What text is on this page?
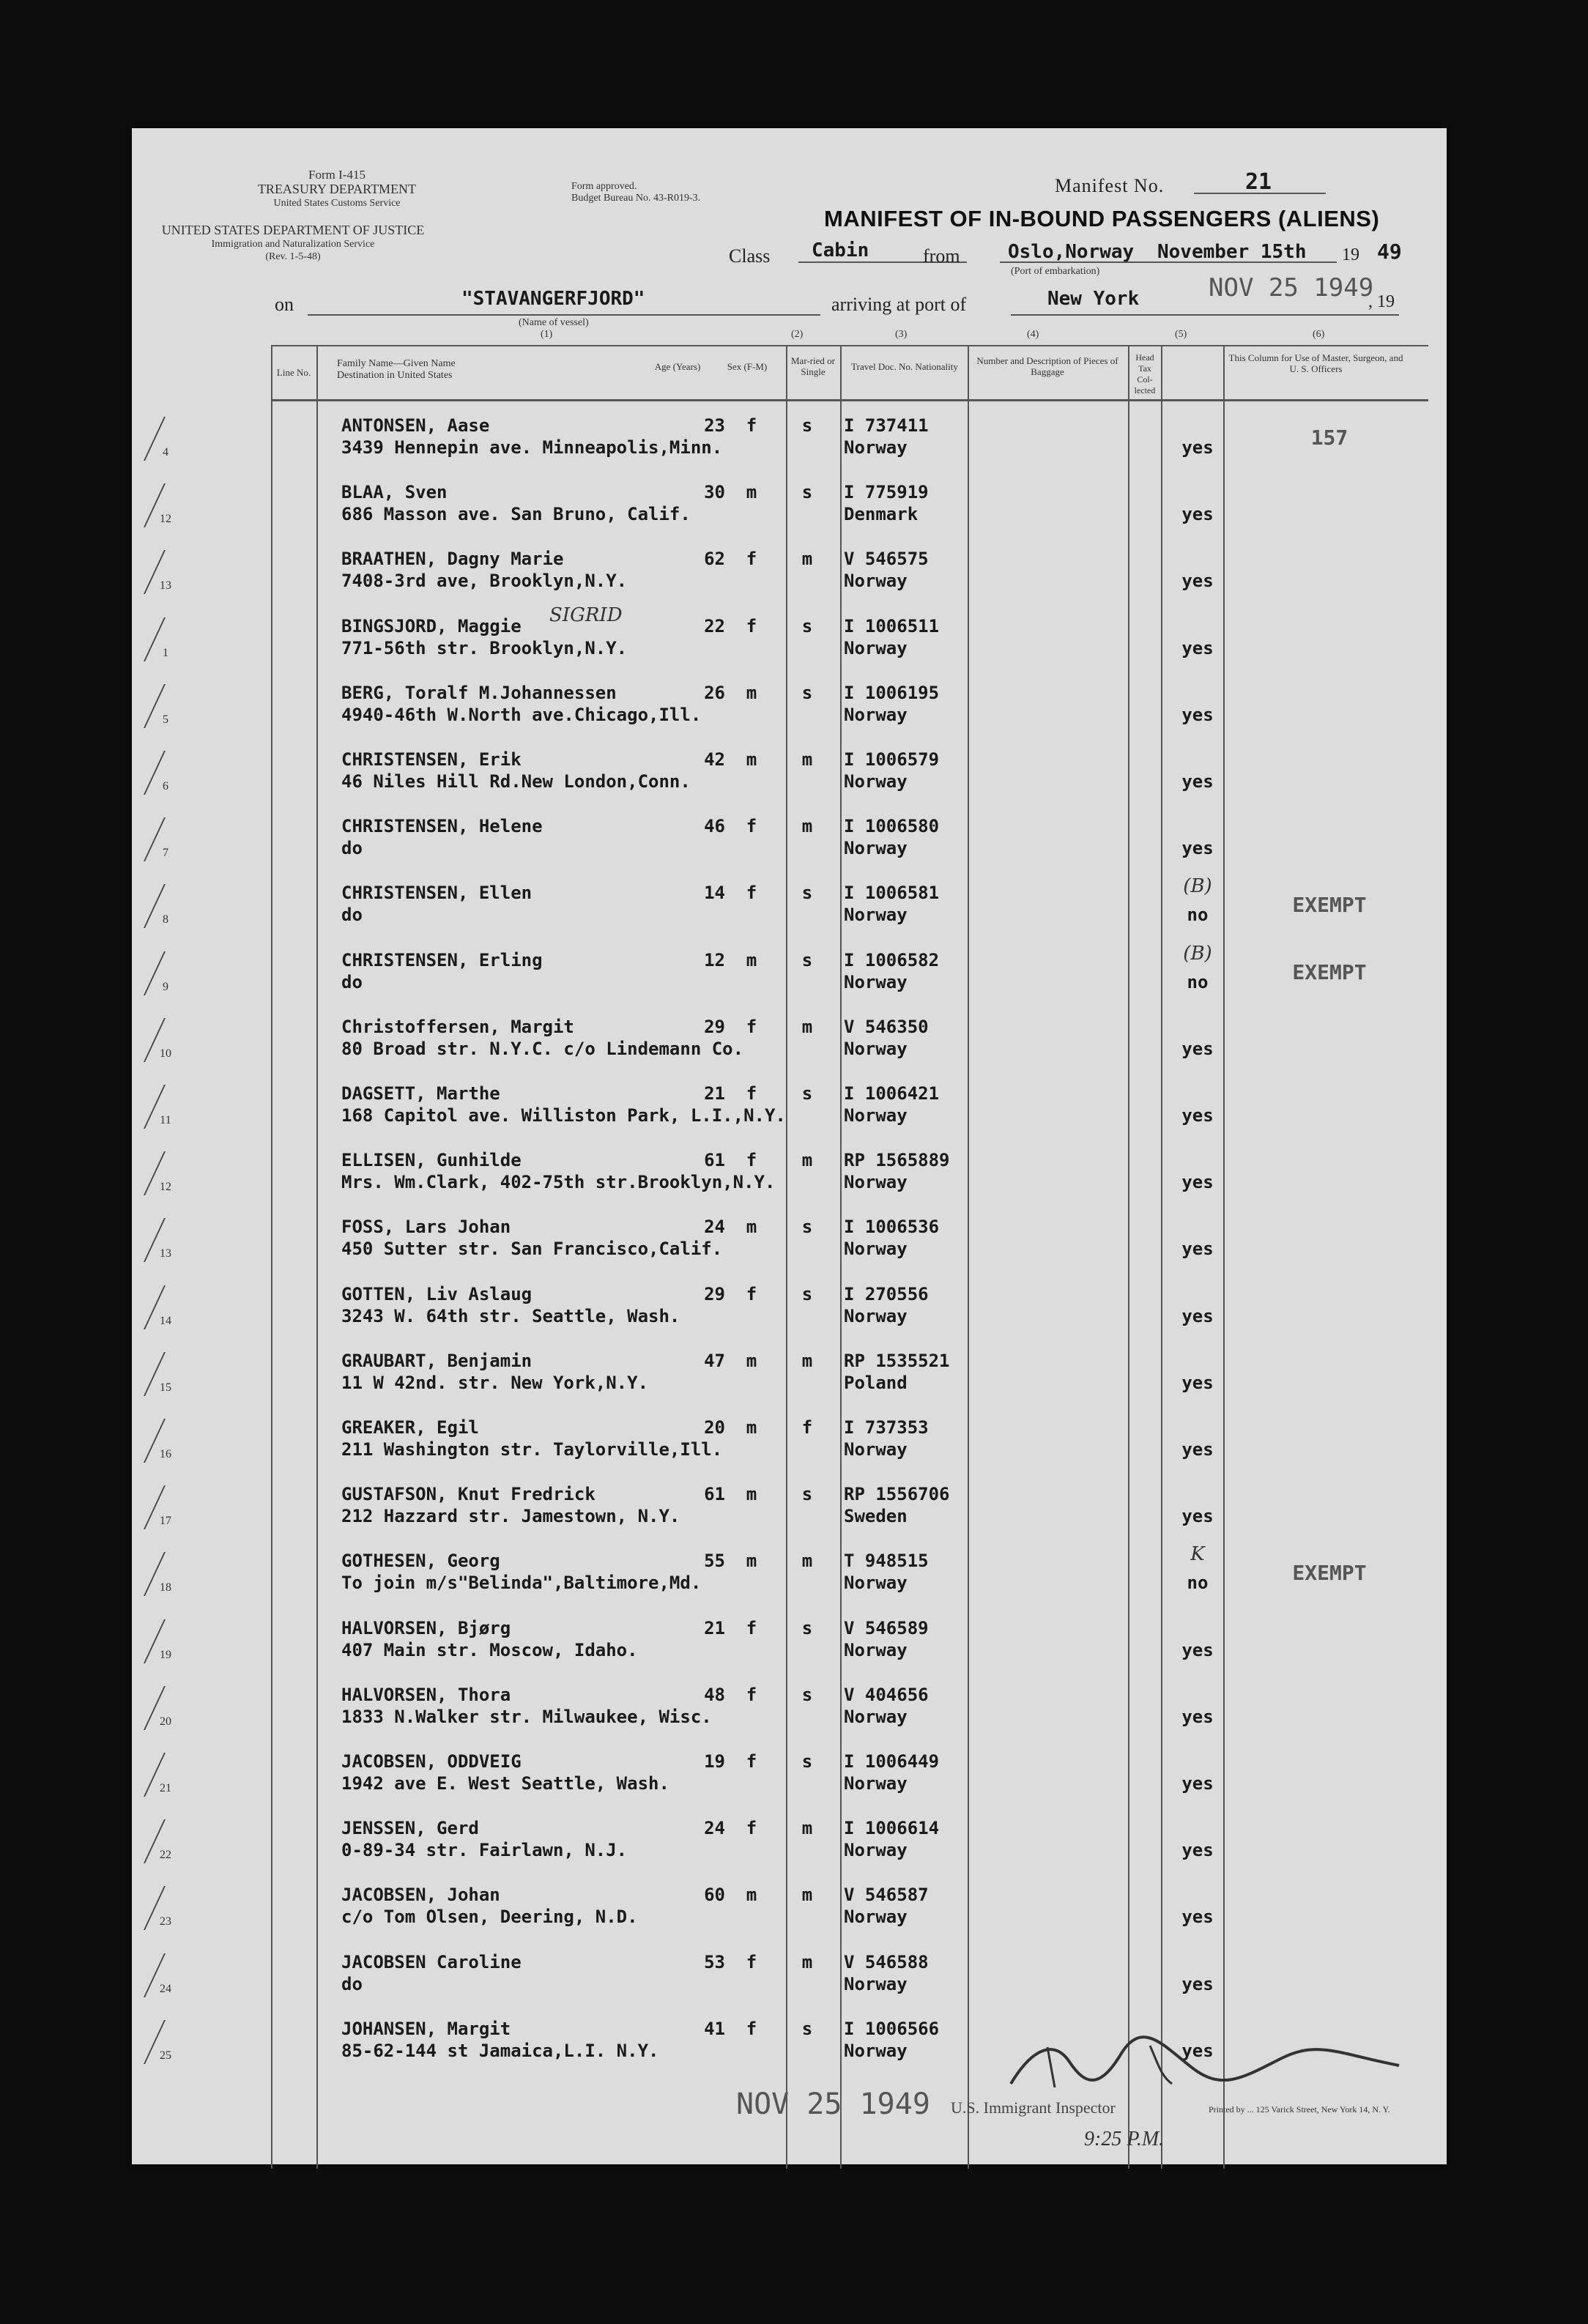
Form I-415
TREASURY DEPARTMENT
United States Customs Service
UNITED STATES DEPARTMENT OF JUSTICE
Immigration and Naturalization Service
(Rev. 1-5-48)
Form approved.
Budget Bureau No. 43-R019-3.
Manifest No.	21
MANIFEST OF IN-BOUND PASSENGERS (ALIENS)
Class Cabin	from	Oslo,Norway November 15th 19 49
(Port of embarkation)
on	"STAVANGERFJORD"
(Name of vessel)
(1)
arriving at port of	New York	NOV 25 1949
, 19
(2)	(3)	(4)	(5)	(6)
Line No.
Family Name—Given Name
Destination in United States
Age (Years)	Sex (F-M)
Mar-ried or Single	Travel Doc. No. Nationality
Number and Description of Pieces of Baggage
Head Tax Col-lected
This Column for Use of Master, Surgeon, and U. S. Officers
4
ANTONSEN, Aase
3439 Hennepin ave. Minneapolis,Minn.
23	f	s	I 737411
Norway	yes	157
12
BLAA, Sven
686 Masson ave. San Bruno, Calif.
30	m	s	I 775919
Denmark	yes
13
BRAATHEN, Dagny Marie
7408-3rd ave, Brooklyn,N.Y.
62	f	m	V 546575
Norway	yes
1
BINGSJORD, Maggie
771-56th str. Brooklyn,N.Y.
22	f	s	I 1006511
Norway	yes
SIGRID
5
BERG, Toralf M.Johannessen
4940-46th W.North ave.Chicago,Ill.
26	m	s	I 1006195
Norway	yes
6
CHRISTENSEN, Erik
46 Niles Hill Rd.New London,Conn.
42	m	m	I 1006579
Norway	yes
7
CHRISTENSEN, Helene
do
46	f	m	I 1006580
Norway	yes
8
CHRISTENSEN, Ellen
do
14	f	s	I 1006581
Norway	no	EXEMPT
(B)
9
CHRISTENSEN, Erling
do
12	m	s	I 1006582
Norway	no	EXEMPT
(B)
10
Christoffersen, Margit
80 Broad str. N.Y.C. c/o Lindemann Co.
29	f	m	V 546350
Norway	yes
11
DAGSETT, Marthe
168 Capitol ave. Williston Park, L.I.,N.Y.
21	f	s	I 1006421
Norway	yes
12
ELLISEN, Gunhilde
Mrs. Wm.Clark, 402-75th str.Brooklyn,N.Y.
61	f	m	RP 1565889
Norway	yes
13
FOSS, Lars Johan
450 Sutter str. San Francisco,Calif.
24	m	s	I 1006536
Norway	yes
14
GOTTEN, Liv Aslaug
3243 W. 64th str. Seattle, Wash.
29	f	s	I 270556
Norway	yes
15
GRAUBART, Benjamin
11 W 42nd. str. New York,N.Y.
47	m	m	RP 1535521
Poland	yes
16
GREAKER, Egil
211 Washington str. Taylorville,Ill.
20	m	f	I 737353
Norway	yes
17
GUSTAFSON, Knut Fredrick
212 Hazzard str. Jamestown, N.Y.
61	m	s	RP 1556706
Sweden	yes
18
GOTHESEN, Georg
To join m/s"Belinda",Baltimore,Md.
55	m	m	T 948515
Norway	no	EXEMPT
K
19
HALVORSEN, Bjørg
407 Main str. Moscow, Idaho.
21	f	s	V 546589
Norway	yes
20
HALVORSEN, Thora
1833 N.Walker str. Milwaukee, Wisc.
48	f	s	V 404656
Norway	yes
21
JACOBSEN, ODDVEIG
1942 ave E. West Seattle, Wash.
19	f	s	I 1006449
Norway	yes
22
JENSSEN, Gerd
0-89-34 str. Fairlawn, N.J.
24	f	m	I 1006614
Norway	yes
23
JACOBSEN, Johan
c/o Tom Olsen, Deering, N.D.
60	m	m	V 546587
Norway	yes
24
JACOBSEN Caroline
do
53	f	m	V 546588
Norway	yes
25
JOHANSEN, Margit
85-62-144 st Jamaica,L.I. N.Y.
41	f	s	I 1006566
Norway	yes
NOV 25 1949 U.S. Immigrant Inspector
9:25 P.M.
Printed by ... 125 Varick Street, New York 14, N. Y.
